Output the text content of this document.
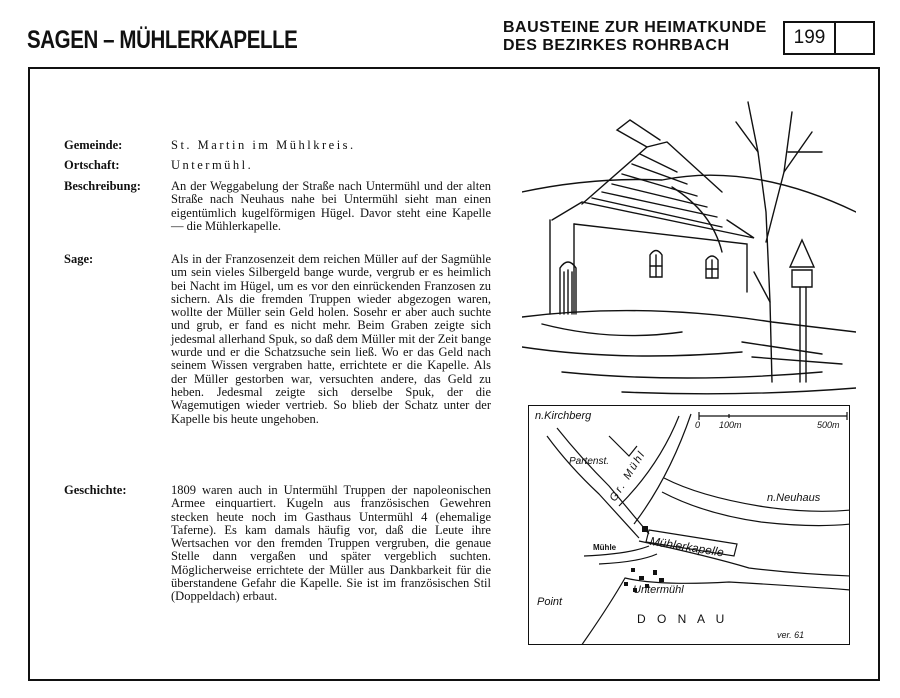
SAGEN – MÜHLERKAPELLE	BAUSTEINE ZUR HEIMATKUNDE
DES BEZIRKES ROHRBACH	199
Gemeinde:	St. Martin im Mühlkreis.
Ortschaft:	Untermühl.
Beschreibung:	An der Weggabelung der Straße nach Untermühl und der alten Straße nach Neuhaus nahe bei Untermühl sieht man einen eigentümlich kugelförmigen Hügel. Davor steht eine Kapelle — die Mühlerkapelle.
Sage:	Als in der Franzosenzeit dem reichen Müller auf der Sagmühle um sein vieles Silbergeld bange wurde, vergrub er es heimlich bei Nacht im Hügel, um es vor den einrückenden Franzosen zu sichern. Als die fremden Truppen wieder abgezogen waren, wollte der Müller sein Geld holen. Sosehr er aber auch suchte und grub, er fand es nicht mehr. Beim Graben zeigte sich jedesmal allerhand Spuk, so daß dem Müller mit der Zeit bange wurde und er die Schatzsuche sein ließ. Wo er das Geld nach seinem Wissen vergraben hatte, errichtete er die Kapelle. Als der Müller gestorben war, versuchten andere, das Geld zu heben. Jedesmal zeigte sich derselbe Spuk, der die Wagemutigen wieder vertrieb. So blieb der Schatz unter der Kapelle bis heute ungehoben.
Geschichte:	1809 waren auch in Untermühl Truppen der napoleonischen Armee einquartiert. Kugeln aus französischen Gewehren stecken heute noch im Gasthaus Untermühl 4 (ehemalige Taferne). Es kam damals häufig vor, daß die Leute ihre Wertsachen vor den fremden Truppen vergruben, die genaue Stelle dann vergaßen und später vergeblich suchten. Möglicherweise errichtete der Müller aus Dankbarkeit für die überstandene Gefahr die Kapelle. Sie ist im französischen Stil (Doppeldach) erbaut.
n.Kirchberg
0 100m	500m
Partenst.
Gr. Mühl	n.Neuhaus
Mühlerkapelle
Mühle
Untermühl
Point
D O N A U
ver. 61
